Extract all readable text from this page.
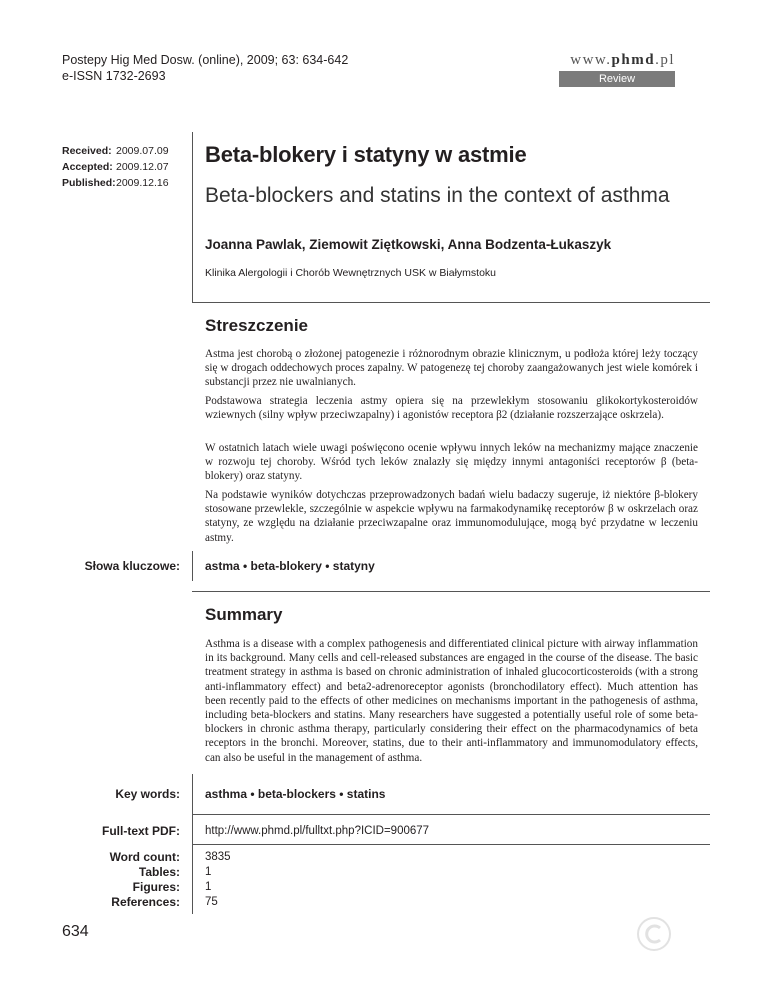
Postepy Hig Med Dosw. (online), 2009; 63: 634-642
e-ISSN 1732-2693
www.phmd.pl
Review
Received: 2009.07.09
Accepted: 2009.12.07
Published:2009.12.16
Beta-blokery i statyny w astmie
Beta-blockers and statins in the context of asthma
Joanna Pawlak, Ziemowit Ziętkowski, Anna Bodzenta-Łukaszyk
Klinika Alergologii i Chorób Wewnętrznych USK w Białymstoku
Streszczenie
Astma jest chorobą o złożonej patogenezie i różnorodnym obrazie klinicznym, u podłoża której leży toczący się w drogach oddechowych proces zapalny. W patogenezę tej choroby zaangażowanych jest wiele komórek i substancji przez nie uwalnianych.
Podstawowa strategia leczenia astmy opiera się na przewlekłym stosowaniu glikokortykosteroidów wziewnych (silny wpływ przeciwzapalny) i agonistów receptora β2 (działanie rozszerzające oskrzela).
W ostatnich latach wiele uwagi poświęcono ocenie wpływu innych leków na mechanizmy mające znaczenie w rozwoju tej choroby. Wśród tych leków znalazły się między innymi antagoniści receptorów β (beta-blokery) oraz statyny.
Na podstawie wyników dotychczas przeprowadzonych badań wielu badaczy sugeruje, iż niektóre β-blokery stosowane przewlekle, szczególnie w aspekcie wpływu na farmakodynamikę receptorów β w oskrzelach oraz statyny, ze względu na działanie przeciwzapalne oraz immunomodulujące, mogą być przydatne w leczeniu astmy.
Słowa kluczowe: astma • beta-blokery • statyny
Summary
Asthma is a disease with a complex pathogenesis and differentiated clinical picture with airway inflammation in its background. Many cells and cell-released substances are engaged in the course of the disease. The basic treatment strategy in asthma is based on chronic administration of inhaled glucocorticosteroids (with a strong anti-inflammatory effect) and beta2-adrenoreceptor agonists (bronchodilatory effect). Much attention has been recently paid to the effects of other medicines on mechanisms important in the pathogenesis of asthma, including beta-blockers and statins. Many researchers have suggested a potentially useful role of some beta-blockers in chronic asthma therapy, particularly considering their effect on the pharmacodynamics of beta receptors in the bronchi. Moreover, statins, due to their anti-inflammatory and immunomodulatory effects, can also be useful in the management of asthma.
Key words: asthma • beta-blockers • statins
Full-text PDF: http://www.phmd.pl/fulltxt.php?ICID=900677
Word count:
Tables:
Figures:
References:
3835
1
1
75
634
